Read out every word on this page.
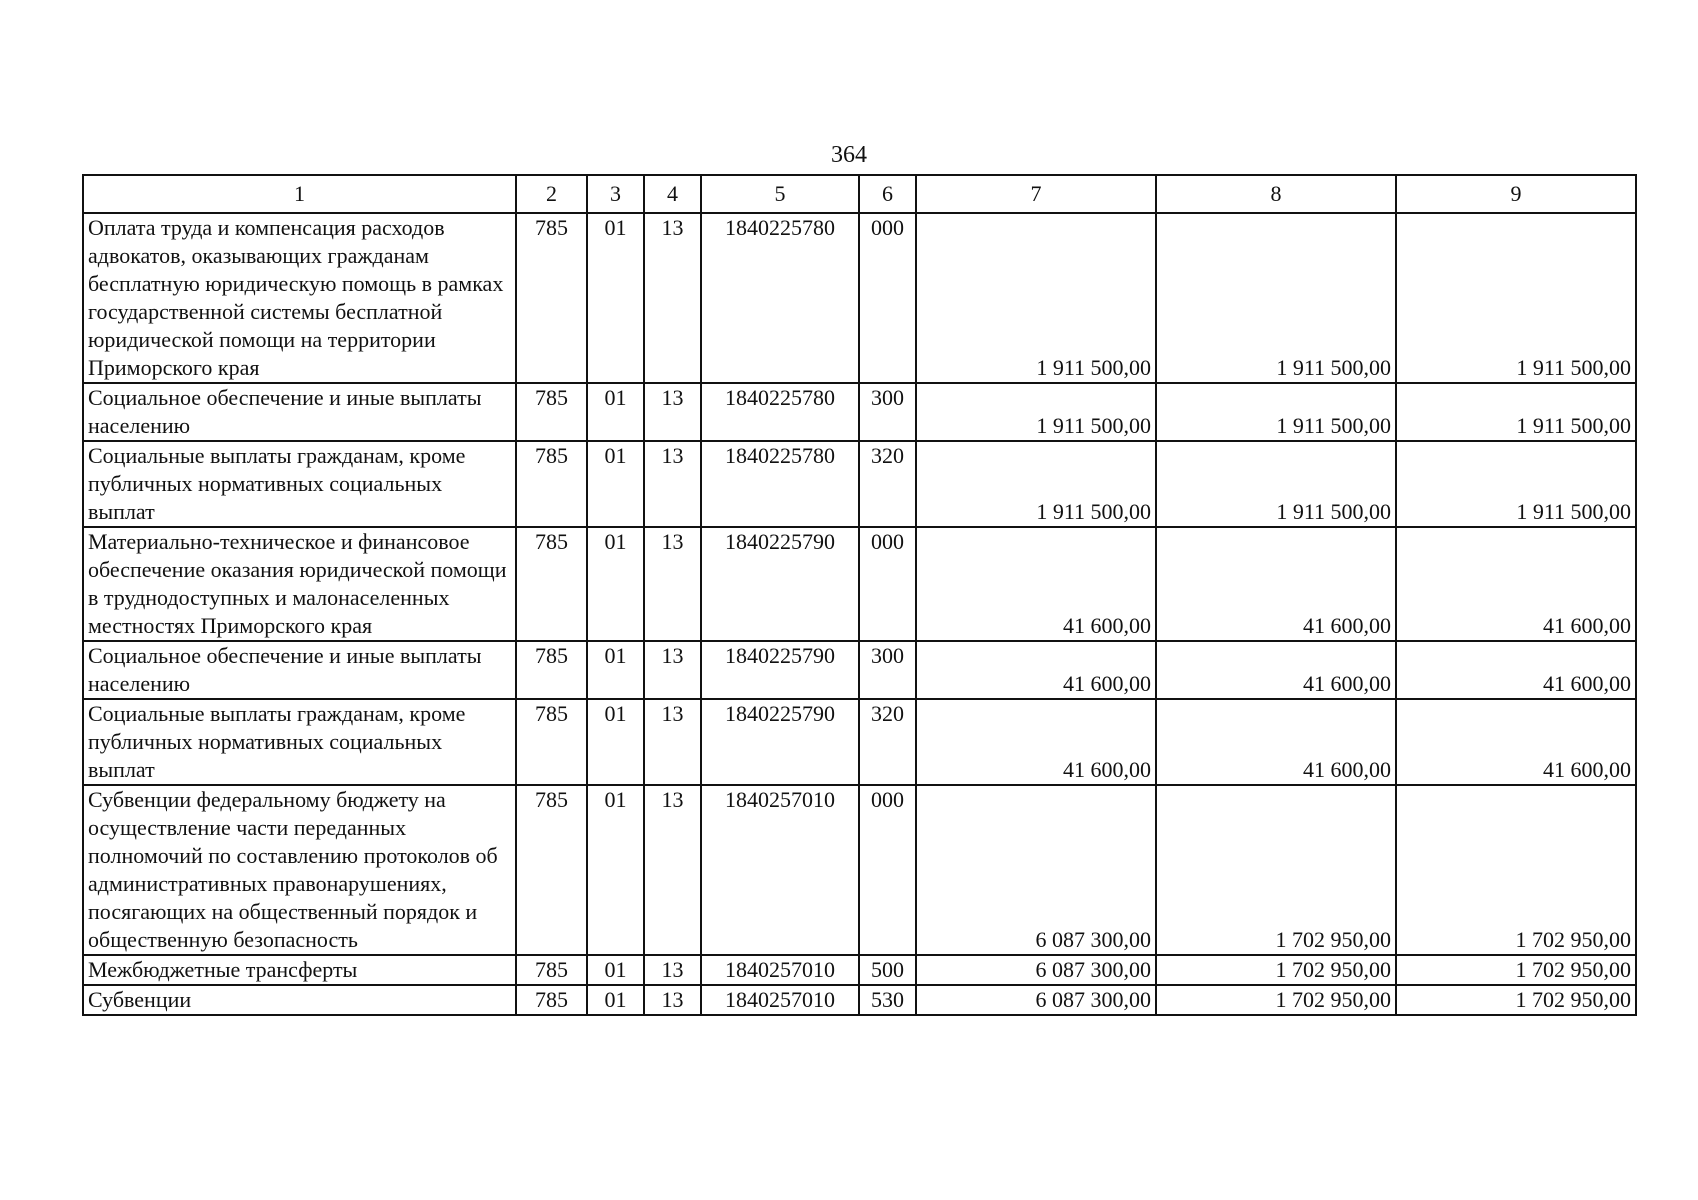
364
1	2	3	4	5	6	7	8	9
Оплата труда и компенсация расходов адвокатов, оказывающих гражданам бесплатную юридическую помощь в рамках государственной системы бесплатной юридической помощи на территории Приморского края	785	01	13	1840225780	000	1 911 500,00	1 911 500,00	1 911 500,00
Социальное обеспечение и иные выплаты населению	785	01	13	1840225780	300	1 911 500,00	1 911 500,00	1 911 500,00
Социальные выплаты гражданам, кроме публичных нормативных социальных выплат	785	01	13	1840225780	320	1 911 500,00	1 911 500,00	1 911 500,00
Материально-техническое и финансовое обеспечение оказания юридической помощи в труднодоступных и малонаселенных местностях Приморского края	785	01	13	1840225790	000	41 600,00	41 600,00	41 600,00
Социальное обеспечение и иные выплаты населению	785	01	13	1840225790	300	41 600,00	41 600,00	41 600,00
Социальные выплаты гражданам, кроме публичных нормативных социальных выплат	785	01	13	1840225790	320	41 600,00	41 600,00	41 600,00
Субвенции федеральному бюджету на осуществление части переданных полномочий по составлению протоколов об административных правонарушениях, посягающих на общественный порядок и общественную безопасность	785	01	13	1840257010	000	6 087 300,00	1 702 950,00	1 702 950,00
Межбюджетные трансферты	785	01	13	1840257010	500	6 087 300,00	1 702 950,00	1 702 950,00
Субвенции	785	01	13	1840257010	530	6 087 300,00	1 702 950,00	1 702 950,00
